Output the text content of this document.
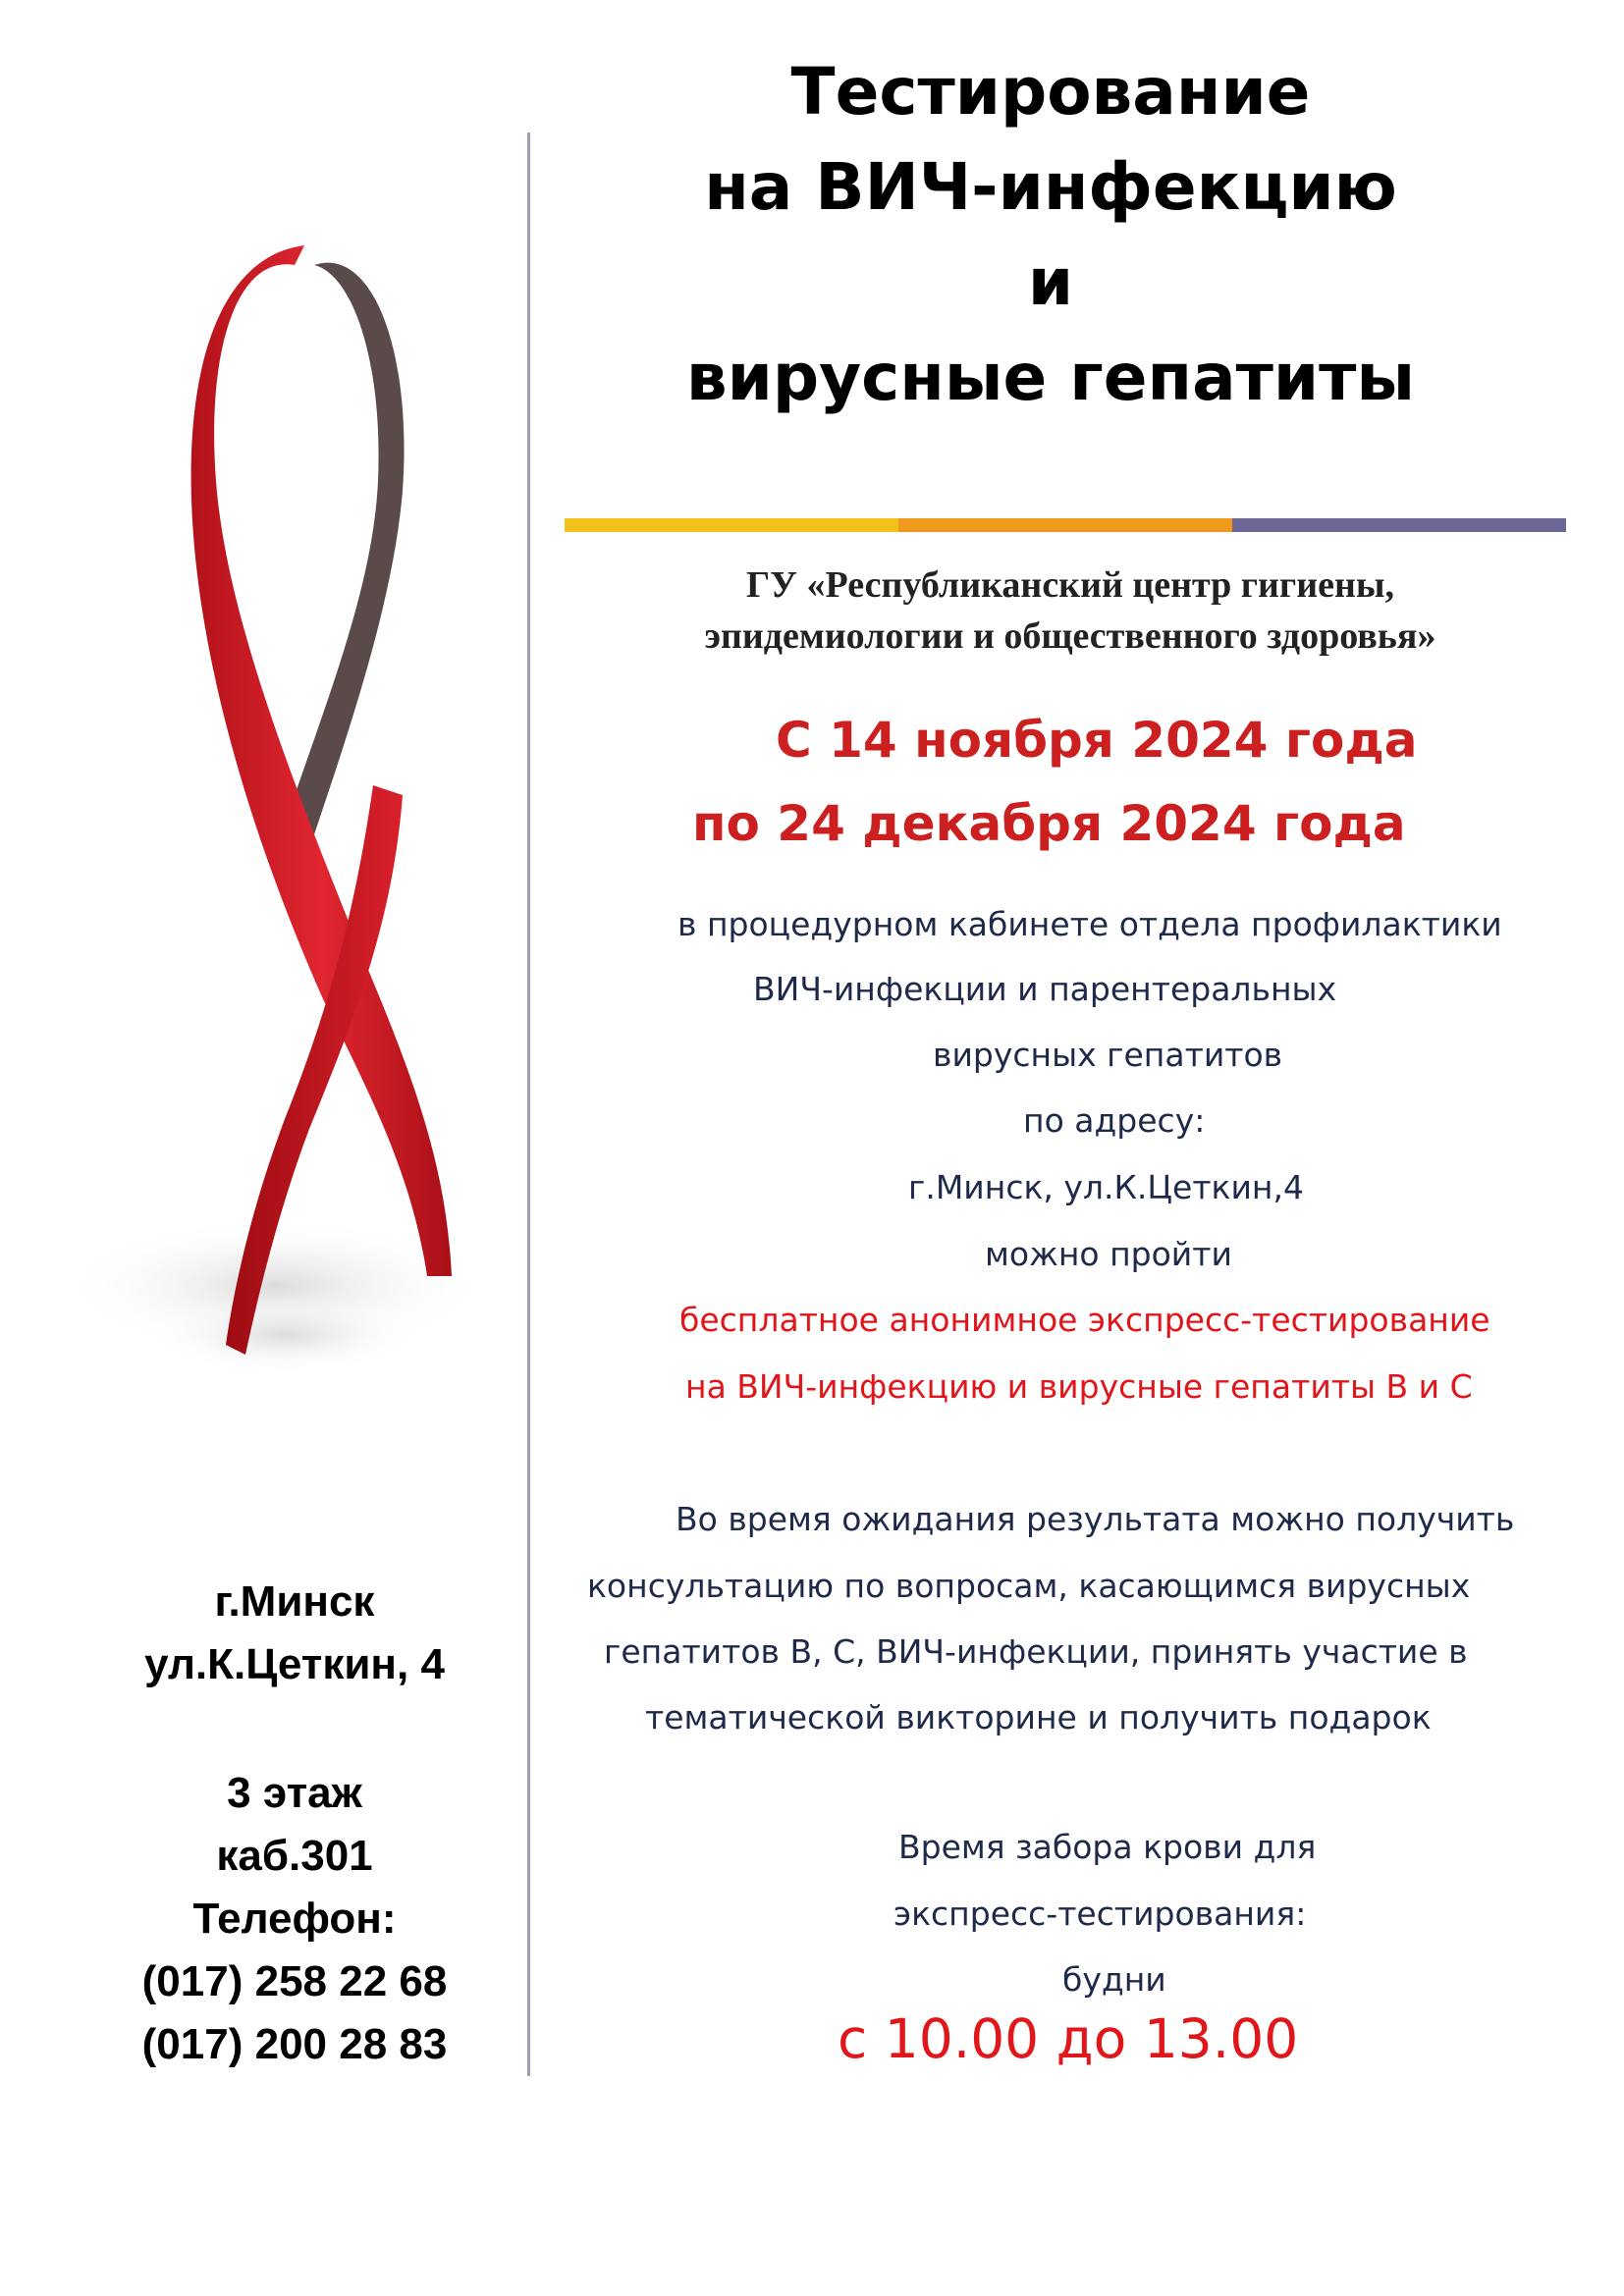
Тестирование
на ВИЧ-инфекцию
и
вирусные гепатиты
ГУ «Республиканский центр гигиены,
эпидемиологии и общественного здоровья»
С 14 ноября 2024 года
по 24 декабря 2024 года
в процедурном кабинете отдела профилактики
ВИЧ-инфекции и парентеральных
вирусных гепатитов
по адресу:
г.Минск, ул.К.Цеткин,4
можно пройти
бесплатное анонимное экспресс-тестирование
на ВИЧ-инфекцию и вирусные гепатиты В и С
Во время ожидания результата можно получить
консультацию по вопросам, касающимся вирусных
гепатитов В, С, ВИЧ-инфекции, принять участие в
тематической викторине и получить подарок
Время забора крови для
экспресс-тестирования:
будни
с 10.00 до 13.00
г.Минск
ул.К.Цеткин, 4
3 этаж
каб.301
Телефон:
(017) 258 22 68
(017) 200 28 83
